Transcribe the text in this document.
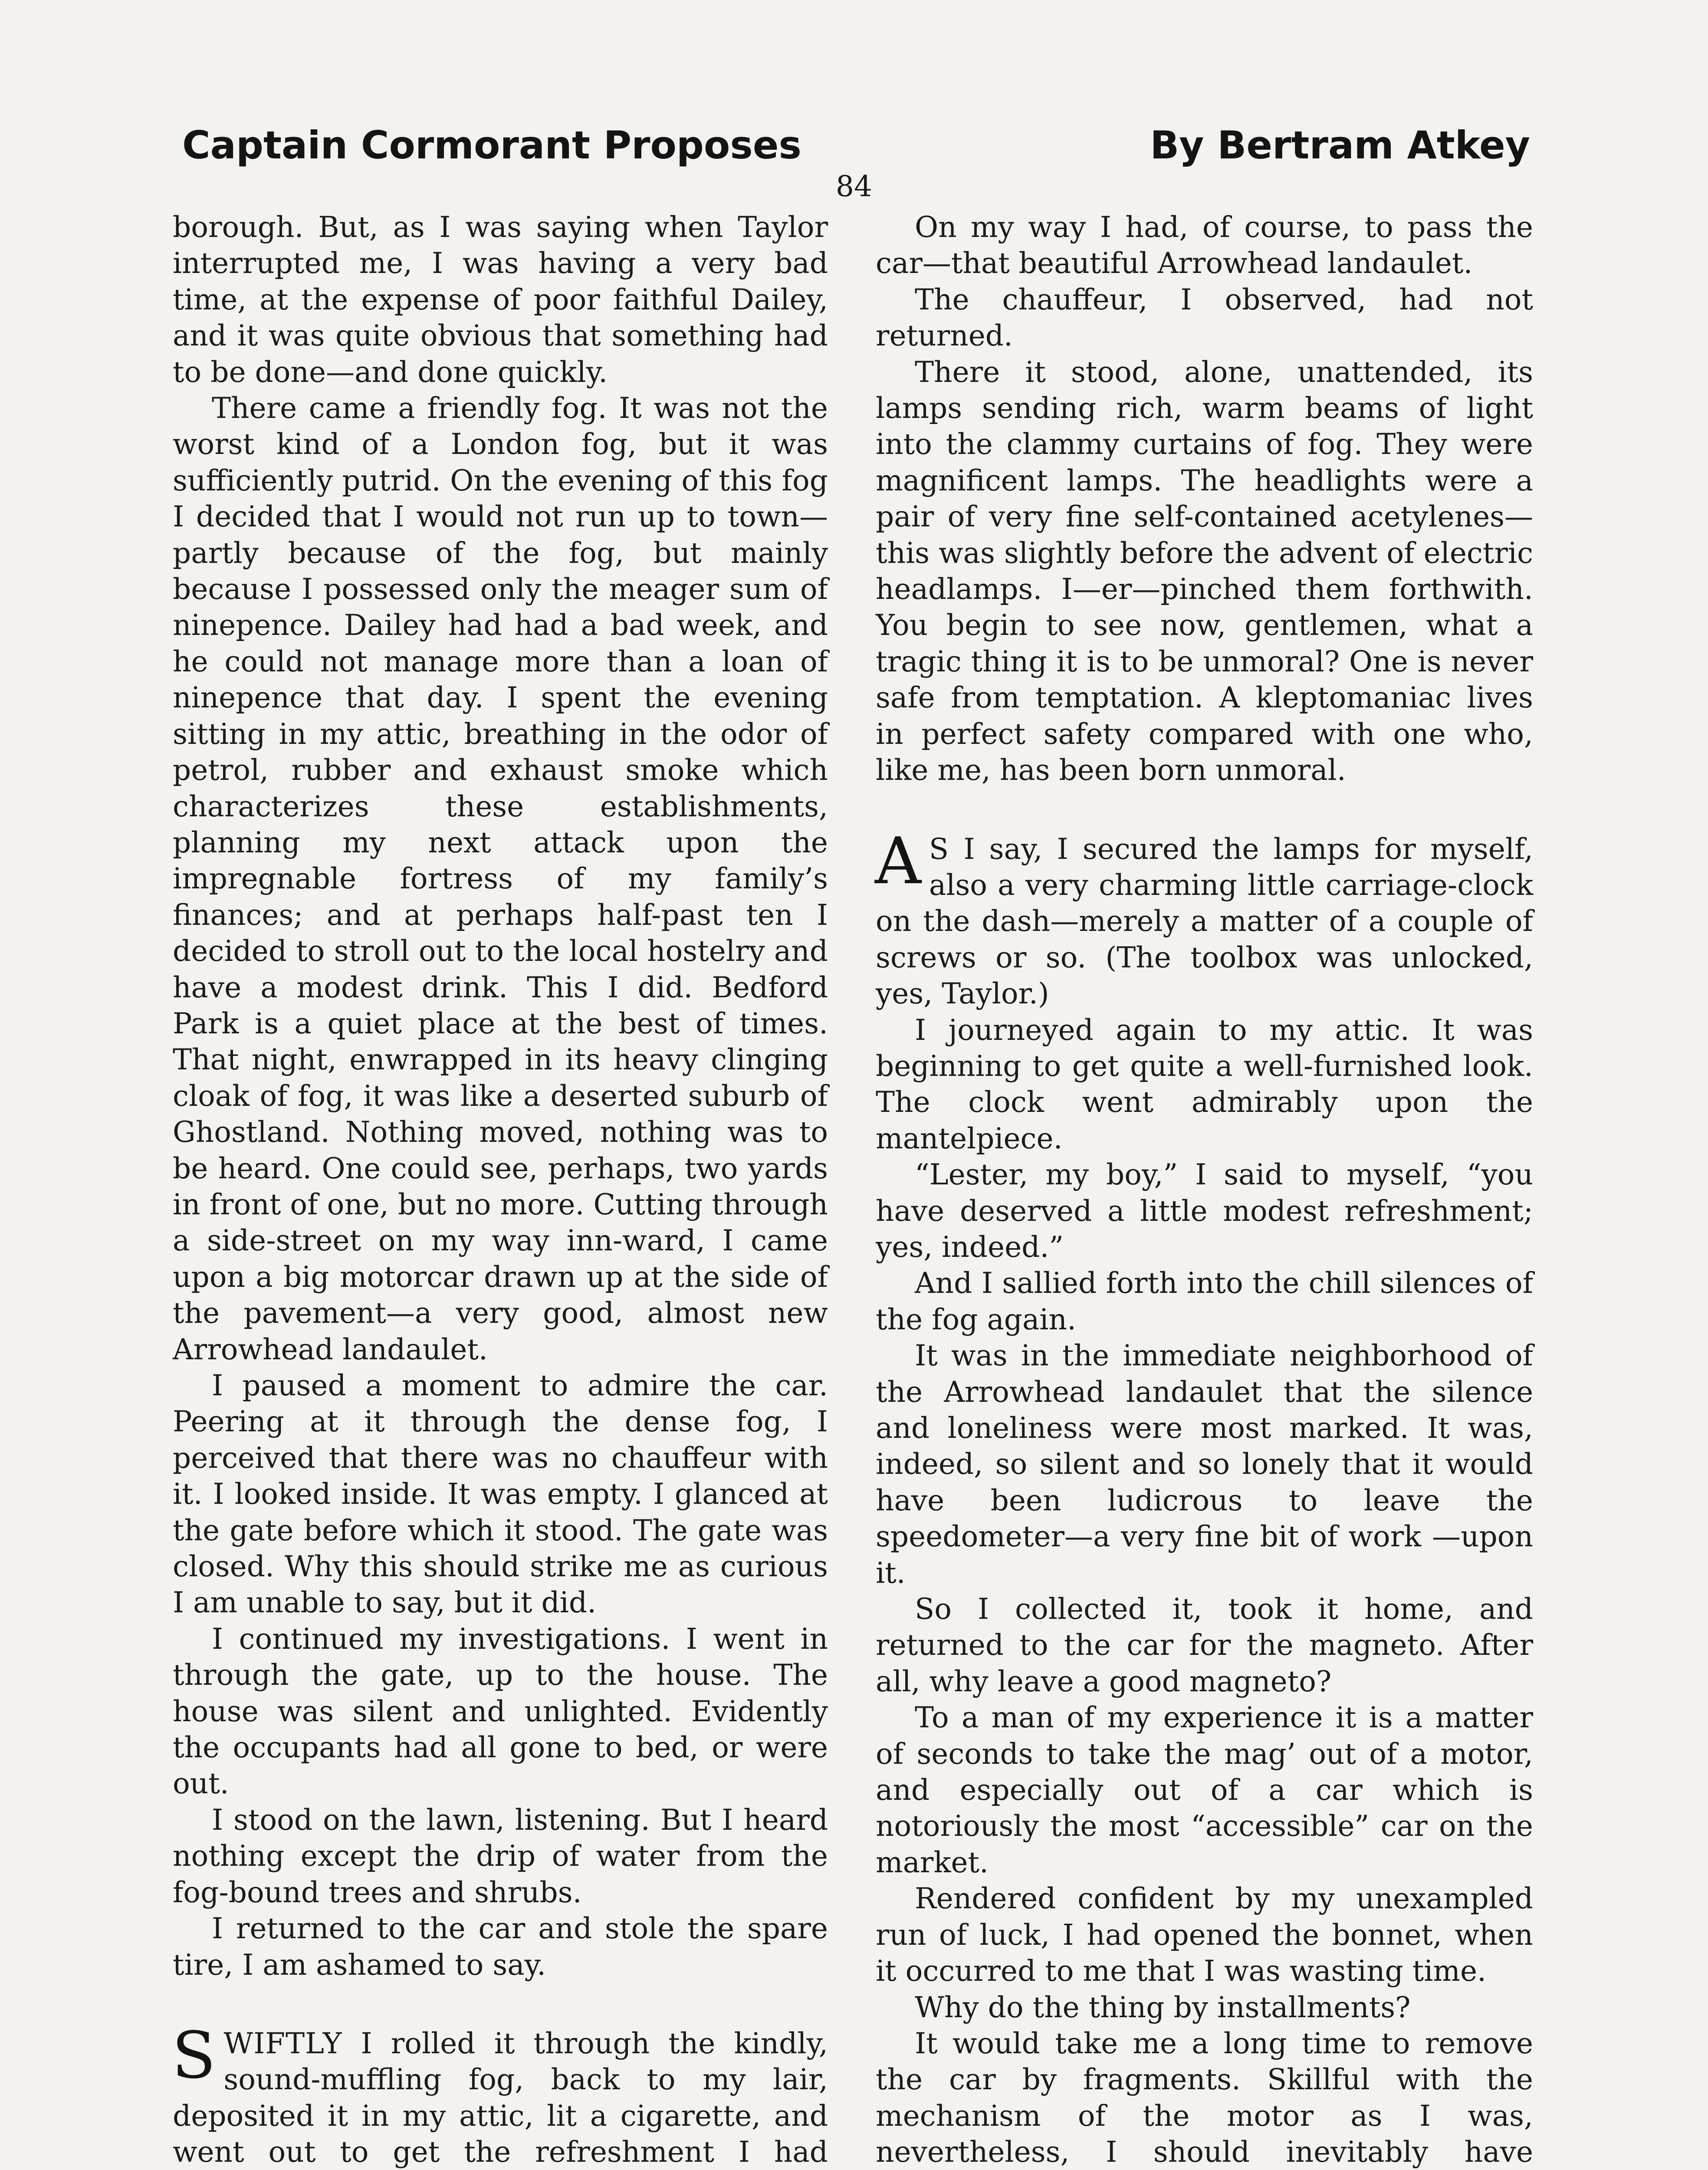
Captain Cormorant Proposes	By Bertram Atkey
84

borough. But, as I was saying when Taylor interrupted me, I was having a very bad time, at the expense of poor faithful Dailey, and it was quite obvious that something had to be done—and done quickly.

There came a friendly fog. It was not the worst kind of a London fog, but it was sufficiently putrid. On the evening of this fog I decided that I would not run up to town—partly because of the fog, but mainly because I possessed only the meager sum of ninepence. Dailey had had a bad week, and he could not manage more than a loan of ninepence that day. I spent the evening sitting in my attic, breathing in the odor of petrol, rubber and exhaust smoke which characterizes these establishments, planning my next attack upon the impregnable fortress of my family’s finances; and at perhaps half-past ten I decided to stroll out to the local hostelry and have a modest drink. This I did. Bedford Park is a quiet place at the best of times. That night, enwrapped in its heavy clinging cloak of fog, it was like a deserted suburb of Ghostland. Nothing moved, nothing was to be heard. One could see, perhaps, two yards in front of one, but no more. Cutting through a side-street on my way inn-ward, I came upon a big motorcar drawn up at the side of the pavement—a very good, almost new Arrowhead landaulet.

I paused a moment to admire the car. Peering at it through the dense fog, I perceived that there was no chauffeur with it. I looked inside. It was empty. I glanced at the gate before which it stood. The gate was closed. Why this should strike me as curious I am unable to say, but it did.

I continued my investigations. I went in through the gate, up to the house. The house was silent and unlighted. Evidently the occupants had all gone to bed, or were out.

I stood on the lawn, listening. But I heard nothing except the drip of water from the fog-bound trees and shrubs.

I returned to the car and stole the spare tire, I am ashamed to say.

SWIFTLY I rolled it through the kindly, sound-muffling fog, back to my lair, deposited it in my attic, lit a cigarette, and went out to get the refreshment I had

On my way I had, of course, to pass the car—that beautiful Arrowhead landaulet.

The chauffeur, I observed, had not returned.

There it stood, alone, unattended, its lamps sending rich, warm beams of light into the clammy curtains of fog. They were magnificent lamps. The headlights were a pair of very fine self-contained acetylenes—this was slightly before the advent of electric headlamps. I—er—pinched them forthwith. You begin to see now, gentlemen, what a tragic thing it is to be unmoral? One is never safe from temptation. A kleptomaniac lives in perfect safety compared with one who, like me, has been born unmoral.

A S I say, I secured the lamps for myself, also a very charming little carriage-clock on the dash—merely a matter of a couple of screws or so. (The toolbox was unlocked, yes, Taylor.)

I journeyed again to my attic. It was beginning to get quite a well-furnished look. The clock went admirably upon the mantelpiece.

“Lester, my boy,” I said to myself, “you have deserved a little modest refreshment; yes, indeed.”

And I sallied forth into the chill silences of the fog again.

It was in the immediate neighborhood of the Arrowhead landaulet that the silence and loneliness were most marked. It was, indeed, so silent and so lonely that it would have been ludicrous to leave the speedometer—a very fine bit of work —upon it.

So I collected it, took it home, and returned to the car for the magneto. After all, why leave a good magneto?

To a man of my experience it is a matter of seconds to take the mag’ out of a motor, and especially out of a car which is notoriously the most “accessible” car on the market.

Rendered confident by my unexampled run of luck, I had opened the bonnet, when it occurred to me that I was wasting time.

Why do the thing by installments?

It would take me a long time to remove the car by fragments. Skillful with the mechanism of the motor as I was, nevertheless, I should inevitably have
